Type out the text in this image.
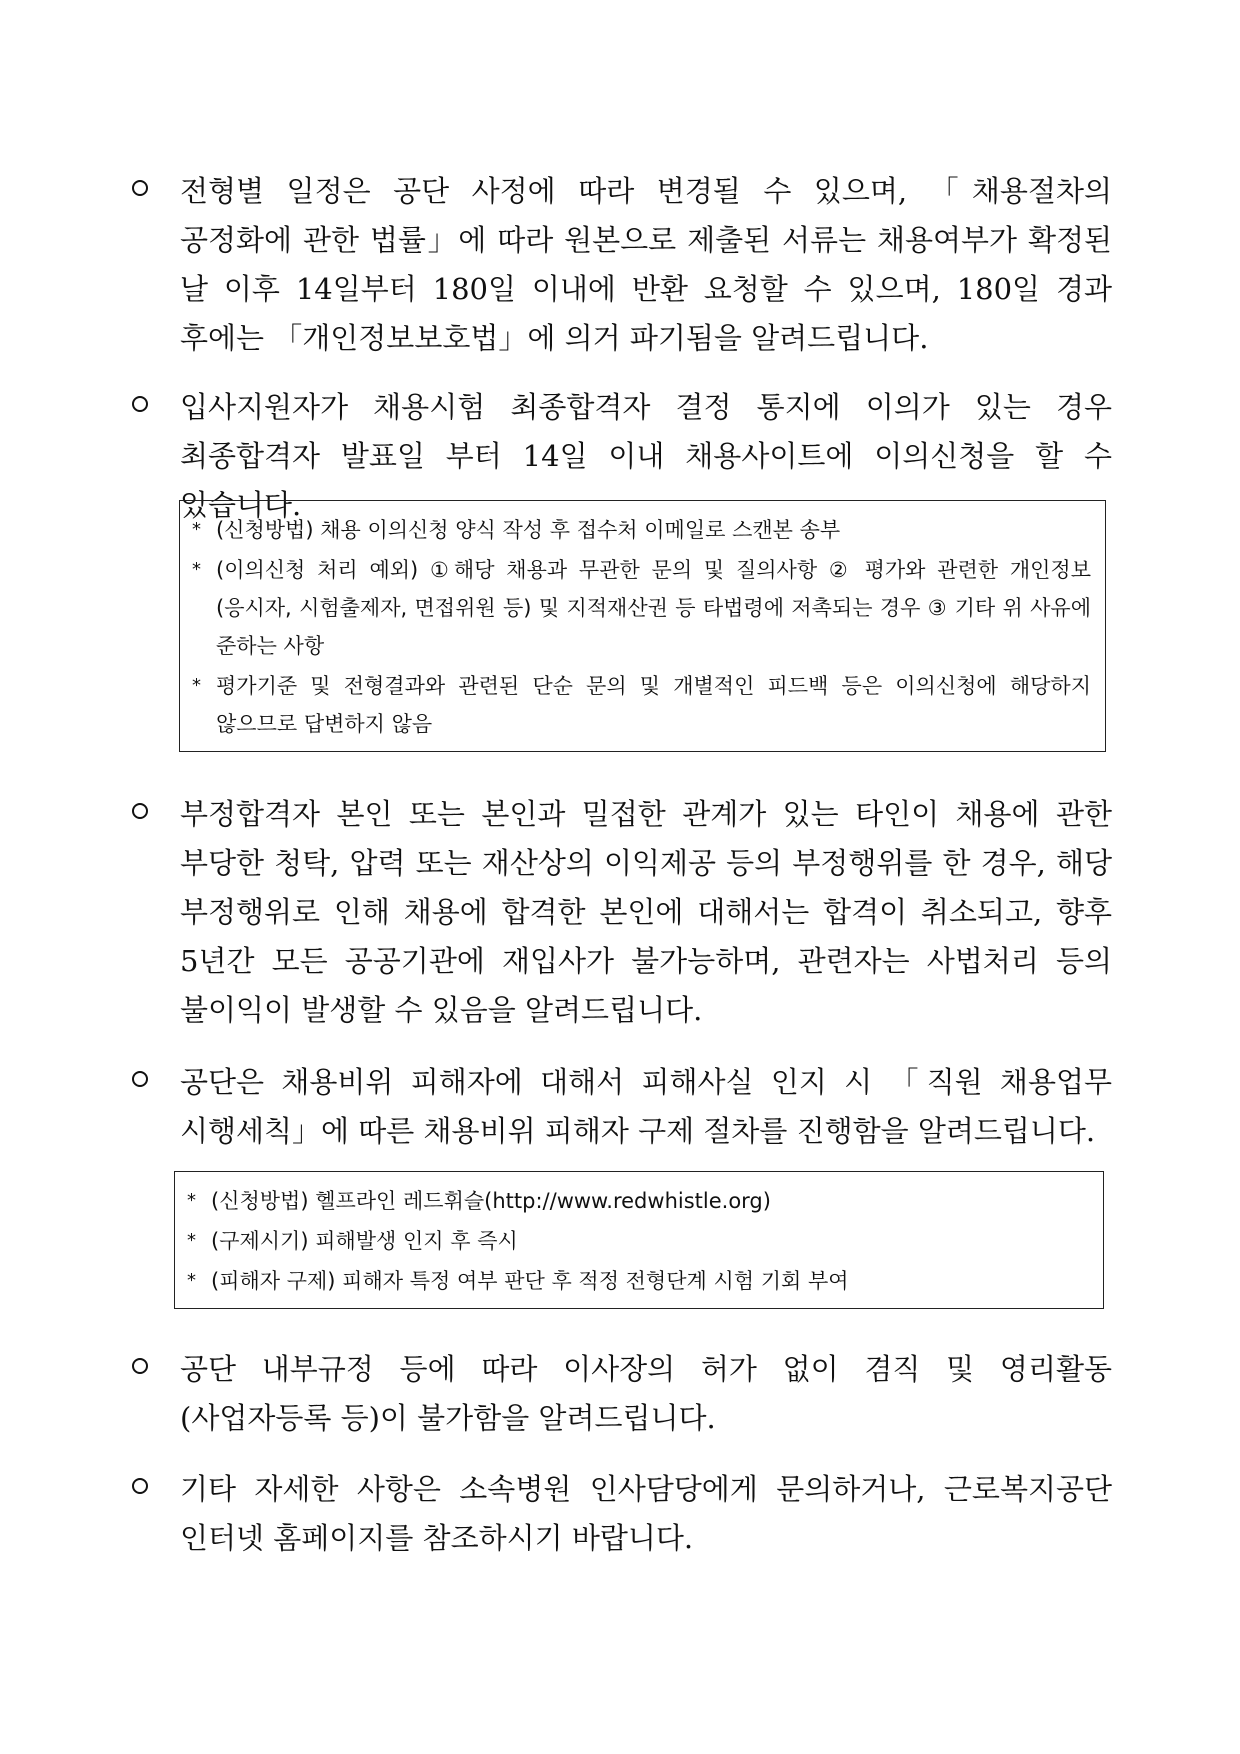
전형별 일정은 공단 사정에 따라 변경될 수 있으며, 「채용절차의 공정화에 관한 법률」에 따라 원본으로 제출된 서류는 채용여부가 확정된 날 이후 14일부터 180일 이내에 반환 요청할 수 있으며, 180일 경과 후에는 「개인정보보호법」에 의거 파기됨을 알려드립니다.
입사지원자가 채용시험 최종합격자 결정 통지에 이의가 있는 경우 최종합격자 발표일 부터 14일 이내 채용사이트에 이의신청을 할 수 있습니다.
* (신청방법) 채용 이의신청 양식 작성 후 접수처 이메일로 스캔본 송부
* (이의신청 처리 예외) ①해당 채용과 무관한 문의 및 질의사항 ② 평가와 관련한 개인정보(응시자, 시험출제자, 면접위원 등) 및 지적재산권 등 타법령에 저촉되는 경우 ③ 기타 위 사유에 준하는 사항
* 평가기준 및 전형결과와 관련된 단순 문의 및 개별적인 피드백 등은 이의신청에 해당하지 않으므로 답변하지 않음
부정합격자 본인 또는 본인과 밀접한 관계가 있는 타인이 채용에 관한 부당한 청탁, 압력 또는 재산상의 이익제공 등의 부정행위를 한 경우, 해당 부정행위로 인해 채용에 합격한 본인에 대해서는 합격이 취소되고, 향후 5년간 모든 공공기관에 재입사가 불가능하며, 관련자는 사법처리 등의 불이익이 발생할 수 있음을 알려드립니다.
공단은 채용비위 피해자에 대해서 피해사실 인지 시 「직원 채용업무 시행세칙」에 따른 채용비위 피해자 구제 절차를 진행함을 알려드립니다.
* (신청방법) 헬프라인 레드휘슬(http://www.redwhistle.org)
* (구제시기) 피해발생 인지 후 즉시
* (피해자 구제) 피해자 특정 여부 판단 후 적정 전형단계 시험 기회 부여
공단 내부규정 등에 따라 이사장의 허가 없이 겸직 및 영리활동(사업자등록 등)이 불가함을 알려드립니다.
기타 자세한 사항은 소속병원 인사담당에게 문의하거나, 근로복지공단 인터넷 홈페이지를 참조하시기 바랍니다.
